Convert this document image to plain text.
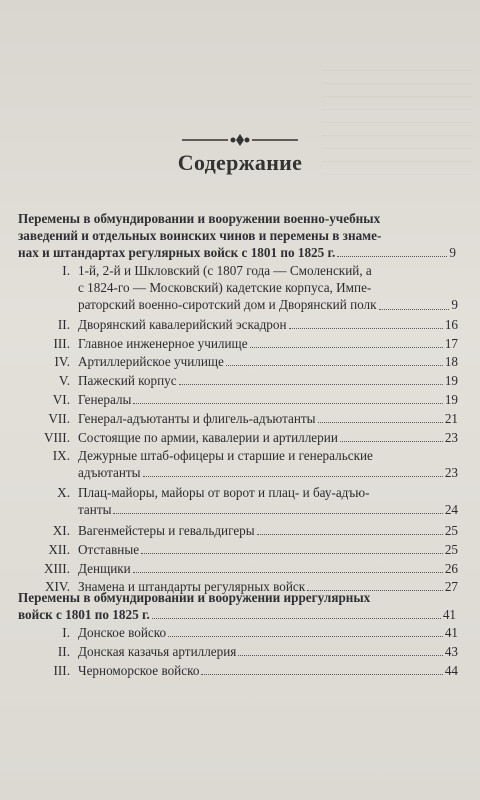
Содержание
Перемены в обмундировании и вооружении военно-учебных
заведений и отдельных воинских чинов и перемены в знаме-
нах и штандартах регулярных войск с 1801 по 1825 г.	9
I. 1-й, 2-й и Шкловский (с 1807 года — Смоленский, а
с 1824-го — Московский) кадетские корпуса, Импе-
раторский военно-сиротский дом и Дворянский полк	9
II. Дворянский кавалерийский эскадрон	16
III. Главное инженерное училище	17
IV. Артиллерийское училище	18
V. Пажеский корпус	19
VI. Генералы	19
VII. Генерал-адъютанты и флигель-адъютанты	21
VIII. Состоящие по армии, кавалерии и артиллерии	23
IX. Дежурные штаб-офицеры и старшие и генеральские
адъютанты	23
X. Плац-майоры, майоры от ворот и плац- и бау-адъю-
танты	24
XI. Вагенмейстеры и гевальдигеры	25
XII. Отставные	25
XIII. Денщики	26
XIV. Знамена и штандарты регулярных войск	27
Перемены в обмундировании и вооружении иррегулярных
войск с 1801 по 1825 г.	41
I. Донское войско	41
II. Донская казачья артиллерия	43
III. Черноморское войско	44
